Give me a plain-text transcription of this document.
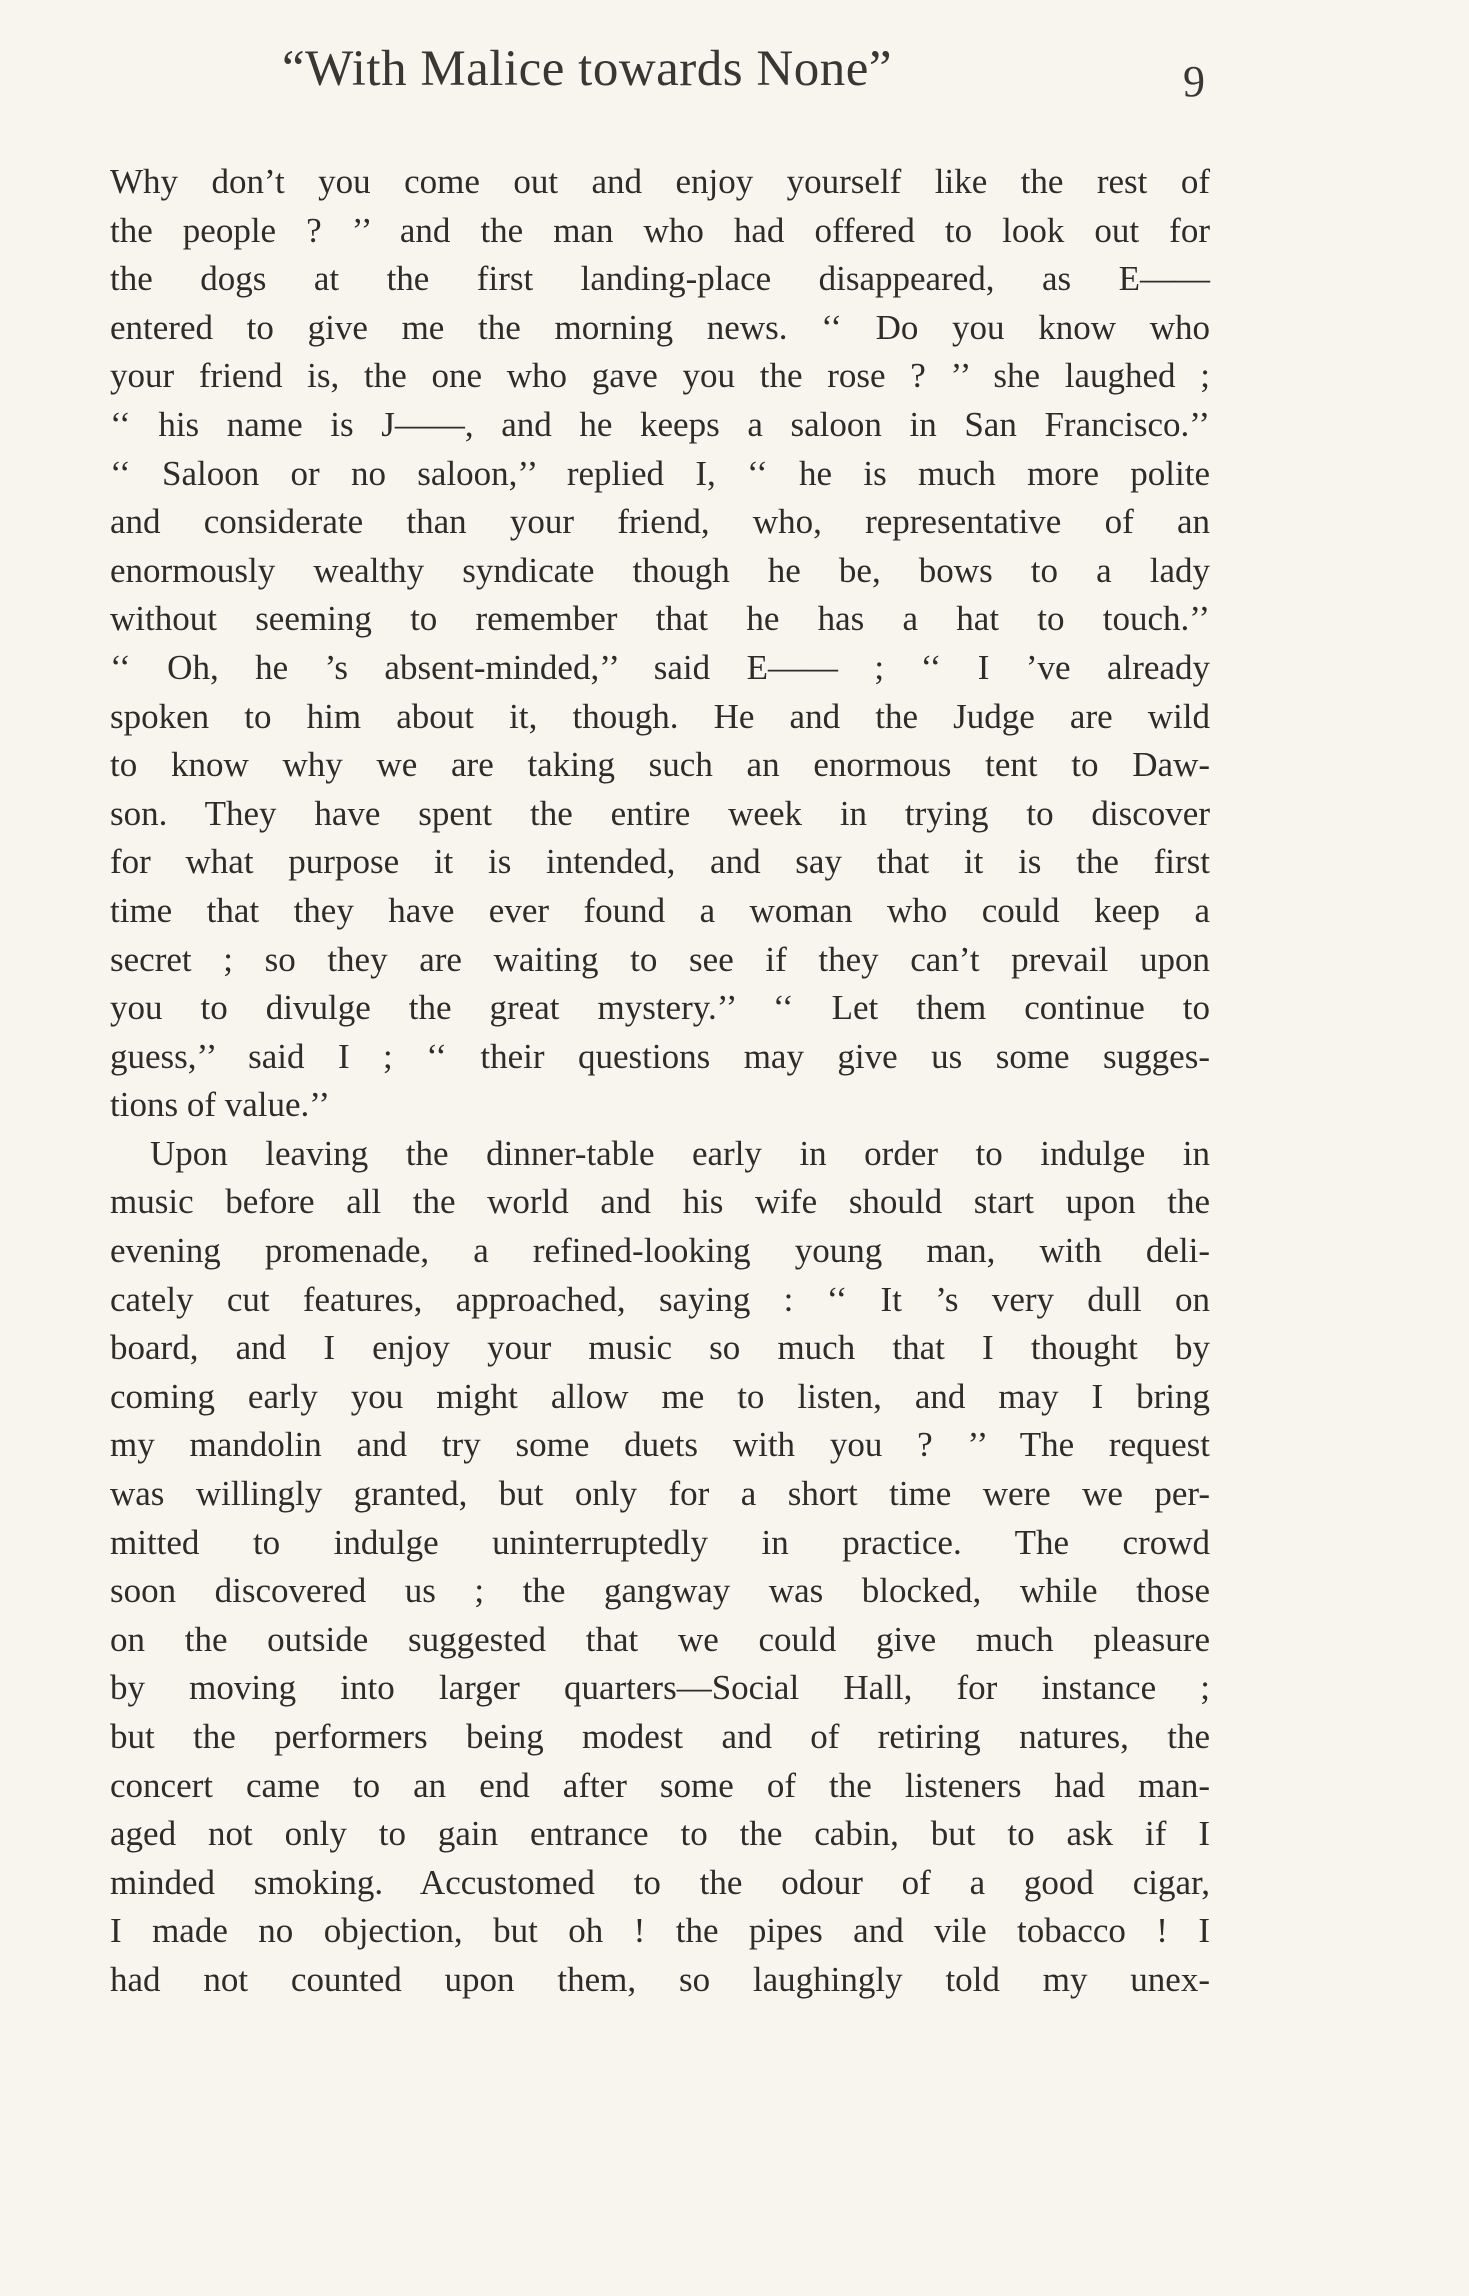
“With Malice towards None”	9
Why don’t you come out and enjoy yourself like the rest of
the people ? ’’ and the man who had offered to look out for
the dogs at the first landing-place disappeared, as E——
entered to give me the morning news. ‘‘ Do you know who
your friend is, the one who gave you the rose ? ’’ she laughed ;
‘‘ his name is J——, and he keeps a saloon in San Francisco.’’
‘‘ Saloon or no saloon,’’ replied I, ‘‘ he is much more polite
and considerate than your friend, who, representative of an
enormously wealthy syndicate though he be, bows to a lady
without seeming to remember that he has a hat to touch.’’
‘‘ Oh, he ’s absent-minded,’’ said E—— ; ‘‘ I ’ve already
spoken to him about it, though. He and the Judge are wild
to know why we are taking such an enormous tent to Daw-
son. They have spent the entire week in trying to discover
for what purpose it is intended, and say that it is the first
time that they have ever found a woman who could keep a
secret ; so they are waiting to see if they can’t prevail upon
you to divulge the great mystery.’’ ‘‘ Let them continue to
guess,’’ said I ; ‘‘ their questions may give us some sugges-
tions of value.’’
Upon leaving the dinner-table early in order to indulge in
music before all the world and his wife should start upon the
evening promenade, a refined-looking young man, with deli-
cately cut features, approached, saying : ‘‘ It ’s very dull on
board, and I enjoy your music so much that I thought by
coming early you might allow me to listen, and may I bring
my mandolin and try some duets with you ? ’’ The request
was willingly granted, but only for a short time were we per-
mitted to indulge uninterruptedly in practice. The crowd
soon discovered us ; the gangway was blocked, while those
on the outside suggested that we could give much pleasure
by moving into larger quarters—Social Hall, for instance ;
but the performers being modest and of retiring natures, the
concert came to an end after some of the listeners had man-
aged not only to gain entrance to the cabin, but to ask if I
minded smoking. Accustomed to the odour of a good cigar,
I made no objection, but oh ! the pipes and vile tobacco ! I
had not counted upon them, so laughingly told my unex-
